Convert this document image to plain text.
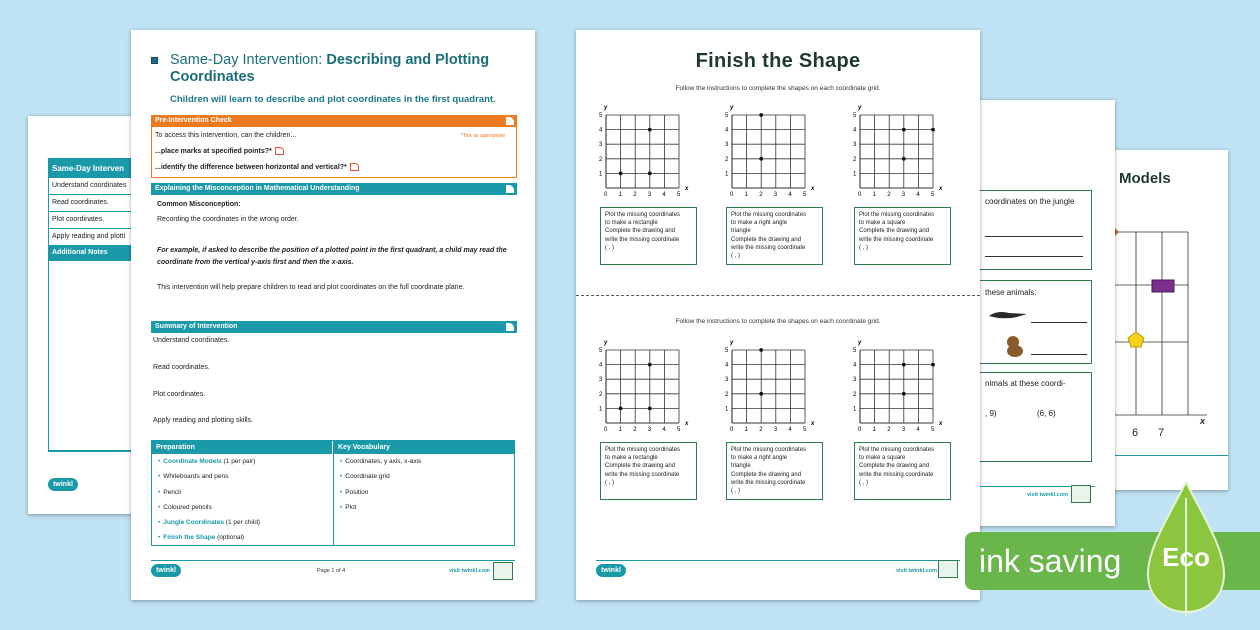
Same-Day Interven
Understand coordinates
Read coordinates.
Plot coordinates.
Apply reading and plotti
Additional Notes
twinkl
Same-Day Intervention: Describing and Plotting Coordinates
Children will learn to describe and plot coordinates in the first quadrant.
Pre-Intervention Check
To access this intervention, can the children...	*Tick as appropriate
...place marks at specified points?*
...identify the difference between horizontal and vertical?*
Explaining the Misconception in Mathematical Understanding
Common Misconception:
Recording the coordinates in the wrong order.
For example, if asked to describe the position of a plotted point in the first quadrant, a child may read the
coordinate from the vertical y-axis first and then the x-axis.
This intervention will help prepare children to read and plot coordinates on the full coordinate plane.
Summary of Intervention
Understand coordinates.
Read coordinates.
Plot coordinates.
Apply reading and plotting skills.
Preparation
• Coordinate Models (1 per pair)
• Whiteboards and pens
• Pencil
• Coloured pencils
• Jungle Coordinates (1 per child)
• Finish the Shape (optional)
Key Vocabulary
• Coordinates, y axis, x-axis
• Coordinate grid
• Position
• Plot
twinkl	Page 1 of 4	visit twinkl.com
Models
6 7
x
coordinates on the jungle
these animals:
nimals at these coordi-
, 9)	(6, 6)
visit twinkl.com
Finish the Shape
Follow the instructions to complete the shapes on each coordinate grid.
Follow the instructions to complete the shapes on each coordinate grid.
y
x
0 1
1
2
2
3
3
4
4
5
5
Plot the missing coordinates
to make a rectangle
Complete the drawing and
write the missing coordinate
( , )
y
x
0 1
1
2
2
3
3
4
4
5
5
Plot the missing coordinates
to make a right angle
triangle
Complete the drawing and
write the missing coordinate
( , )
y
x
0 1
1
2
2
3
3
4
4
5
5
Plot the missing coordinates
to make a square
Complete the drawing and
write the missing coordinate
( , )
y
x
0 1
1
2
2
3
3
4
4
5
5
Plot the missing coordinates
to make a rectangle
Complete the drawing and
write the missing coordinate
( , )
y
x
0 1
1
2
2
3
3
4
4
5
5
Plot the missing coordinates
to make a right angle
triangle
Complete the drawing and
write the missing coordinate
( , )
y
x
0 1
1
2
2
3
3
4
4
5
5
Plot the missing coordinates
to make a square
Complete the drawing and
write the missing coordinate
( , )
twinkl	visit twinkl.com ink saving Eco
